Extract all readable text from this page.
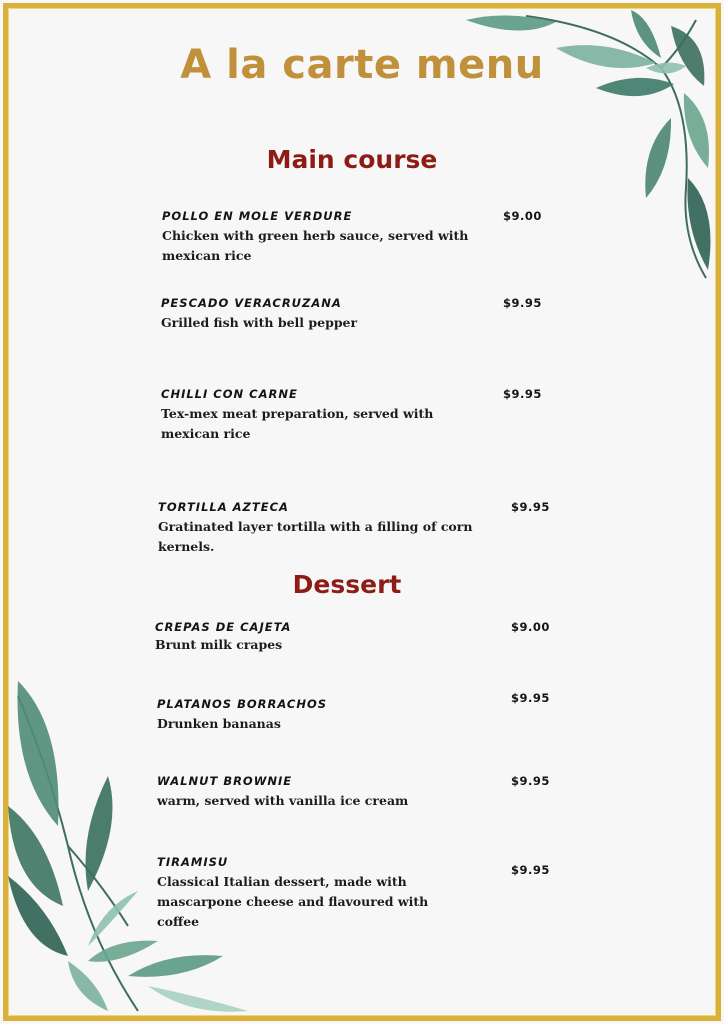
A la carte menu
Main course
POLLO EN MOLE VERDURE
Chicken with green herb sauce, served with mexican rice
$9.00
PESCADO VERACRUZANA
Grilled fish with bell pepper
$9.95
CHILLI CON CARNE
Tex-mex meat preparation, served with mexican rice
$9.95
TORTILLA AZTECA
Gratinated layer tortilla with a filling of corn kernels.
$9.95
Dessert
CREPAS DE CAJETA
Brunt milk crapes
$9.00
PLATANOS BORRACHOS
Drunken bananas
$9.95
WALNUT BROWNIE
warm, served with vanilla ice cream
$9.95
TIRAMISU
Classical Italian dessert, made with mascarpone cheese and flavoured with coffee
$9.95
